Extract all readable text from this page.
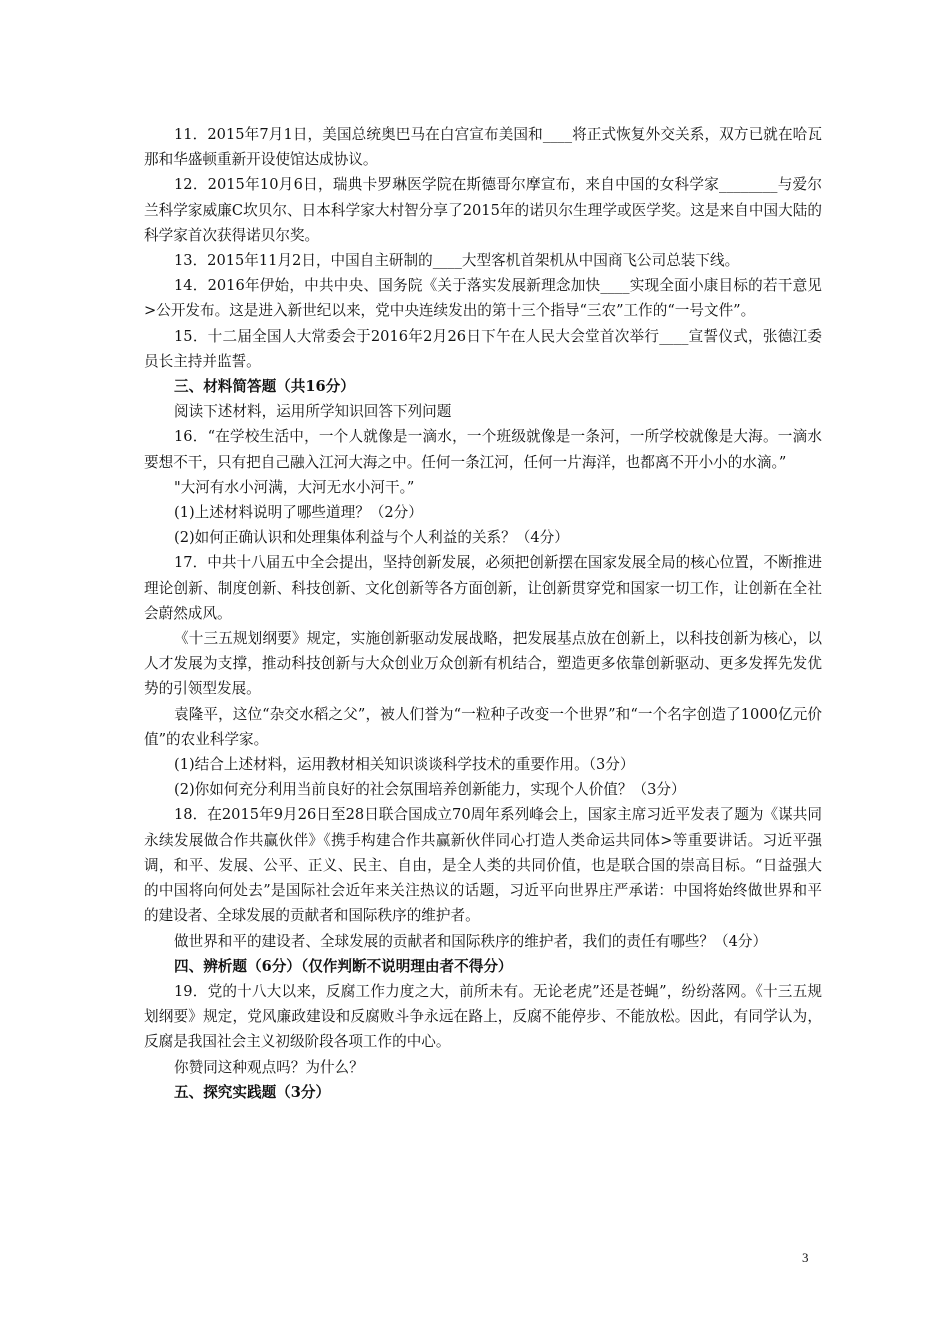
11．2015年7月1日，美国总统奥巴马在白宫宣布美国和____将正式恢复外交关系，双方已就在哈瓦那和华盛顿重新开设使馆达成协议。

12．2015年10月6日，瑞典卡罗琳医学院在斯德哥尔摩宣布，来自中国的女科学家________与爱尔兰科学家威廉C坎贝尔、日本科学家大村智分享了2015年的诺贝尔生理学或医学奖。这是来自中国大陆的科学家首次获得诺贝尔奖。

13．2015年11月2日，中国自主研制的____大型客机首架机从中国商飞公司总装下线。

14．2016年伊始，中共中央、国务院《关于落实发展新理念加快____实现全面小康目标的若干意见>公开发布。这是进入新世纪以来，党中央连续发出的第十三个指导“三农”工作的“一号文件”。

15．十二届全国人大常委会于2016年2月26日下午在人民大会堂首次举行____宣誓仪式，张德江委员长主持并监誓。

三、材料简答题（共16分）

阅读下述材料，运用所学知识回答下列问题

16．“在学校生活中，一个人就像是一滴水，一个班级就像是一条河，一所学校就像是大海。一滴水要想不干，只有把自己融入江河大海之中。任何一条江河，任何一片海洋，也都离不开小小的水滴。”

"大河有水小河满，大河无水小河干。”

(1)上述材料说明了哪些道理？（2分）

(2)如何正确认识和处理集体利益与个人利益的关系？（4分）

17．中共十八届五中全会提出，坚持创新发展，必须把创新摆在国家发展全局的核心位置，不断推进理论创新、制度创新、科技创新、文化创新等各方面创新，让创新贯穿党和国家一切工作，让创新在全社会蔚然成风。

《十三五规划纲要》规定，实施创新驱动发展战略，把发展基点放在创新上，以科技创新为核心，以人才发展为支撑，推动科技创新与大众创业万众创新有机结合，塑造更多依靠创新驱动、更多发挥先发优势的引领型发展。

袁隆平，这位“杂交水稻之父”，被人们誉为“一粒种子改变一个世界”和“一个名字创造了1000亿元价值”的农业科学家。

(1)结合上述材料，运用教材相关知识谈谈科学技术的重要作用。（3分）

(2)你如何充分利用当前良好的社会氛围培养创新能力，实现个人价值？（3分）

18．在2015年9月26日至28日联合国成立70周年系列峰会上，国家主席习近平发表了题为《谋共同永续发展做合作共赢伙伴》《携手构建合作共赢新伙伴同心打造人类命运共同体>等重要讲话。习近平强调，和平、发展、公平、正义、民主、自由，是全人类的共同价值，也是联合国的崇高目标。“日益强大的中国将向何处去”是国际社会近年来关注热议的话题，习近平向世界庄严承诺：中国将始终做世界和平的建设者、全球发展的贡献者和国际秩序的维护者。

做世界和平的建设者、全球发展的贡献者和国际秩序的维护者，我们的责任有哪些？（4分）

四、辨析题（6分）（仅作判断不说明理由者不得分）

19．党的十八大以来，反腐工作力度之大，前所未有。无论老虎”还是苍蝇”，纷纷落网。《十三五规划纲要》规定，党风廉政建设和反腐败斗争永远在路上，反腐不能停步、不能放松。因此，有同学认为，反腐是我国社会主义初级阶段各项工作的中心。

你赞同这种观点吗？为什么？

五、探究实践题（3分）

3
